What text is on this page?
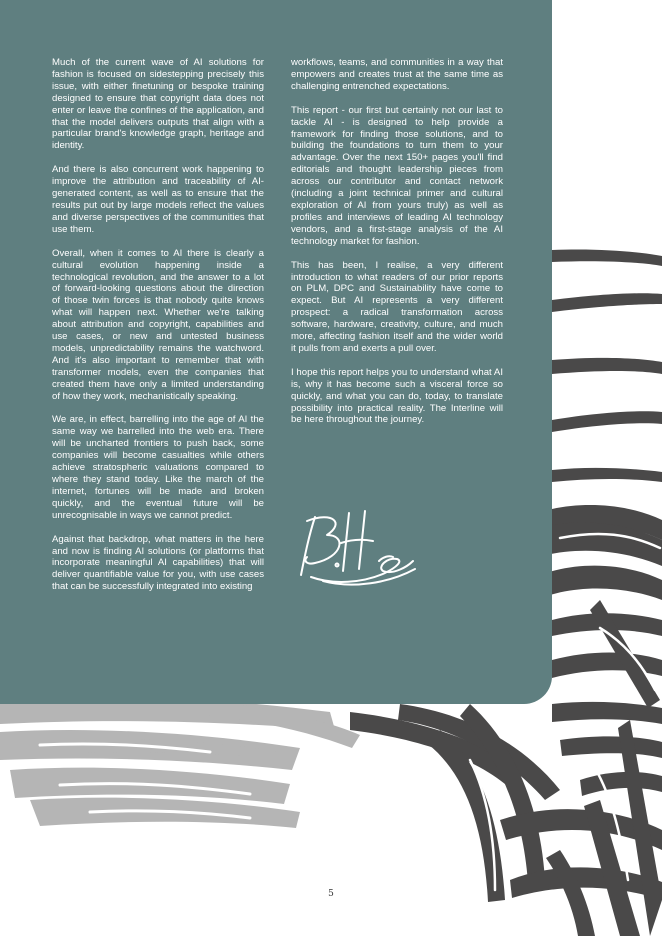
Much of the current wave of AI solutions for fashion is focused on sidestepping precisely this issue, with either finetuning or bespoke training designed to ensure that copyright data does not enter or leave the confines of the application, and that the model delivers outputs that align with a particular brand's knowledge graph, heritage and identity.

And there is also concurrent work happening to improve the attribution and traceability of AI-generated content, as well as to ensure that the results put out by large models reflect the values and diverse perspectives of the communities that use them.

Overall, when it comes to AI there is clearly a cultural evolution happening inside a technological revolution, and the answer to a lot of forward-looking questions about the direction of those twin forces is that nobody quite knows what will happen next. Whether we're talking about attribution and copyright, capabilities and use cases, or new and untested business models, unpredictability remains the watchword. And it's also important to remember that with transformer models, even the companies that created them have only a limited understanding of how they work, mechanistically speaking.

We are, in effect, barrelling into the age of AI the same way we barrelled into the web era. There will be uncharted frontiers to push back, some companies will become casualties while others achieve stratospheric valuations compared to where they stand today. Like the march of the internet, fortunes will be made and broken quickly, and the eventual future will be unrecognisable in ways we cannot predict.

Against that backdrop, what matters in the here and now is finding AI solutions (or platforms that incorporate meaningful AI capabilities) that will deliver quantifiable value for you, with use cases that can be successfully integrated into existing

workflows, teams, and communities in a way that empowers and creates trust at the same time as challenging entrenched expectations.

This report - our first but certainly not our last to tackle AI - is designed to help provide a framework for finding those solutions, and to building the foundations to turn them to your advantage. Over the next 150+ pages you'll find editorials and thought leadership pieces from across our contributor and contact network (including a joint technical primer and cultural exploration of AI from yours truly) as well as profiles and interviews of leading AI technology vendors, and a first-stage analysis of the AI technology market for fashion.

This has been, I realise, a very different introduction to what readers of our prior reports on PLM, DPC and Sustainability have come to expect. But AI represents a very different prospect: a radical transformation across software, hardware, creativity, culture, and much more, affecting fashion itself and the wider world it pulls from and exerts a pull over.

I hope this report helps you to understand what AI is, why it has become such a visceral force so quickly, and what you can do, today, to translate possibility into practical reality. The Interline will be here throughout the journey.

5
